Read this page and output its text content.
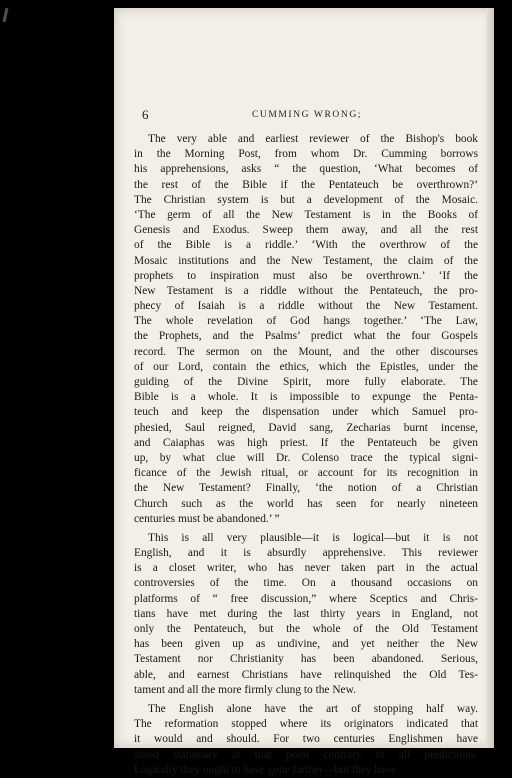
6	CUMMING WRONG;
The very able and earliest reviewer of the Bishop's book
in the Morning Post, from whom Dr. Cumming borrows
his apprehensions, asks “ the question, ‘What becomes of
the rest of the Bible if the Pentateuch be overthrown?’
The Christian system is but a development of the Mosaic.
‘The germ of all the New Testament is in the Books of
Genesis and Exodus. Sweep them away, and all the rest
of the Bible is a riddle.’ ‘With the overthrow of the
Mosaic institutions and the New Testament, the claim of the
prophets to inspiration must also be overthrown.’ ‘If the
New Testament is a riddle without the Pentateuch, the pro-
phecy of Isaiah is a riddle without the New Testament.
The whole revelation of God hangs together.’ ‘The Law,
the Prophets, and the Psalms’ predict what the four Gospels
record. The sermon on the Mount, and the other discourses
of our Lord, contain the ethics, which the Epistles, under the
guiding of the Divine Spirit, more fully elaborate. The
Bible is a whole. It is impossible to expunge the Penta-
teuch and keep the dispensation under which Samuel pro-
phesied, Saul reigned, David sang, Zecharias burnt incense,
and Caiaphas was high priest. If the Pentateuch be given
up, by what clue will Dr. Colenso trace the typical signi-
ficance of the Jewish ritual, or account for its recognition in
the New Testament? Finally, ‘the notion of a Christian
Church such as the world has seen for nearly nineteen
centuries must be abandoned.’ ”
This is all very plausible—it is logical—but it is not
English, and it is absurdly apprehensive. This reviewer
is a closet writer, who has never taken part in the actual
controversies of the time. On a thousand occasions on
platforms of “ free discussion,” where Sceptics and Chris-
tians have met during the last thirty years in England, not
only the Pentateuch, but the whole of the Old Testament
has been given up as undivine, and yet neither the New
Testament nor Christianity has been abandoned. Serious,
able, and earnest Christians have relinquished the Old Tes-
tament and all the more firmly clung to the New.
The English alone have the art of stopping half way.
The reformation stopped where its originators indicated that
it would and should. For two centuries Englishmen have
stood stationary at that point contrary to all predictions.
Logically they ought to have gone farther—but they have
